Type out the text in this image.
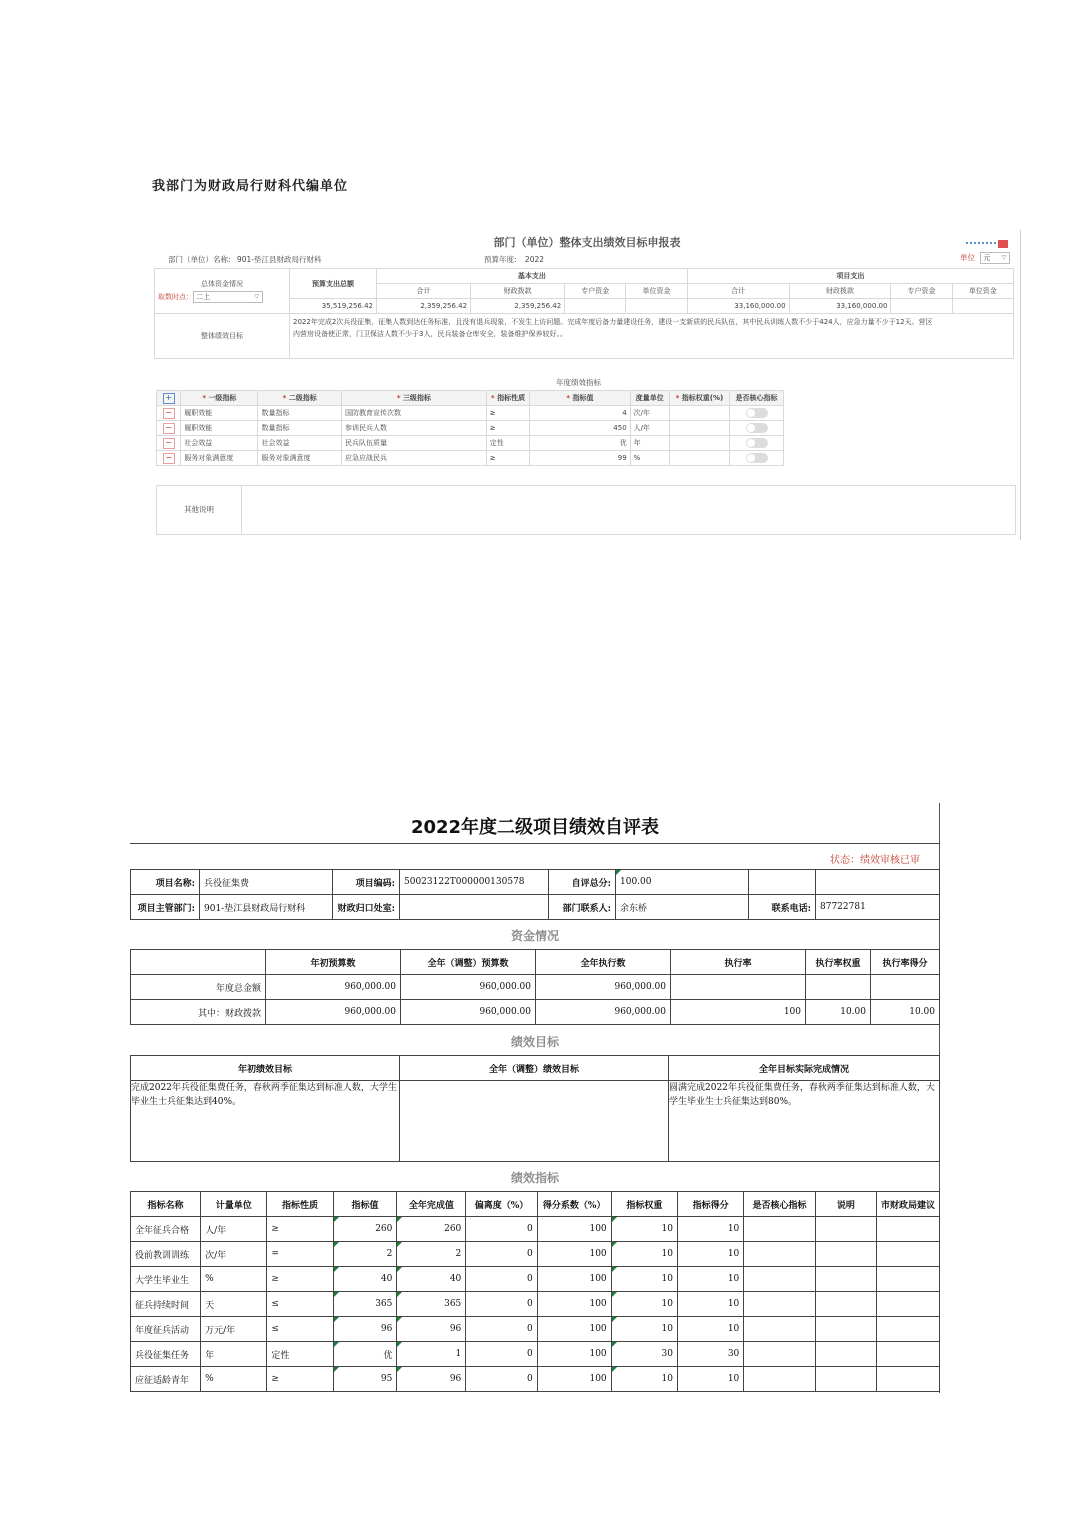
我部门为财政局行财科代编单位
部门（单位）整体支出绩效目标申报表
部门（单位）名称: 901-垫江县财政局行财科	预算年度: 2022	单位 元 ▽
总体资金情况
取数时点： 二上 ▽	预算支出总额	基本支出				项目支出			
		合计	财政拨款	专户资金	单位资金	合计	财政拨款	专户资金	单位资金
	35,519,256.42	2,359,256.42	2,359,256.42			33,160,000.00	33,160,000.00		
整体绩效目标	2022年完成2次兵役征集，征集人数到达任务标准，且没有退兵现象，不发生上访问题。完成年度后备力量建设任务，建设一支新质的民兵队伍，其中民兵训练人数不少于424人，应急力量不少于12天。营区
内营房设备使正常，门卫保洁人数不少于3人，民兵装备仓库安全，装备维护保养较好。。								
年度绩效指标
+	* 一级指标	* 二级指标	* 三级指标	* 指标性质	* 指标值	度量单位	* 指标权重(%)	是否核心指标
−	履职效能	数量指标	国防教育宣传次数	≥	4	次/年		
−	履职效能	数量指标	参训民兵人数	≥	450	人/年		
−	社会效益	社会效益	民兵队伍质量	定性	优	年		
−	服务对象满意度	服务对象满意度	应急应战民兵	≥	99	%		
其他说明
2022年度二级项目绩效自评表
状态：绩效审核已审
项目名称:	兵役征集费	项目编码:	50023122T000000130578	自评总分:	100.00		
项目主管部门:	901-垫江县财政局行财科	财政归口处室:		部门联系人:	余东桥	联系电话:	87722781
资金情况
	年初预算数	全年（调整）预算数	全年执行数	执行率	执行率权重	执行率得分
年度总金额	960,000.00	960,000.00	960,000.00			
其中：财政拨款	960,000.00	960,000.00	960,000.00	100	10.00	10.00
绩效目标
年初绩效目标	全年（调整）绩效目标	全年目标实际完成情况
完成2022年兵役征集费任务，春秋两季征集达到标准人数，大学生毕业生士兵征集达到40%。		圆满完成2022年兵役征集费任务，春秋两季征集达到标准人数，大学生毕业生士兵征集达到80%。
绩效指标
指标名称	计量单位	指标性质	指标值	全年完成值	偏离度（%）	得分系数（%）	指标权重	指标得分	是否核心指标	说明	市财政局建议
全年征兵合格	人/年	≥	260	260	0	100	10	10			
役前教训训练	次/年	=	2	2	0	100	10	10			
大学生毕业生	%	≥	40	40	0	100	10	10			
征兵持续时间	天	≤	365	365	0	100	10	10			
年度征兵活动	万元/年	≤	96	96	0	100	10	10			
兵役征集任务	年	定性	优	1	0	100	30	30			
应征适龄青年	%	≥	95	96	0	100	10	10			
